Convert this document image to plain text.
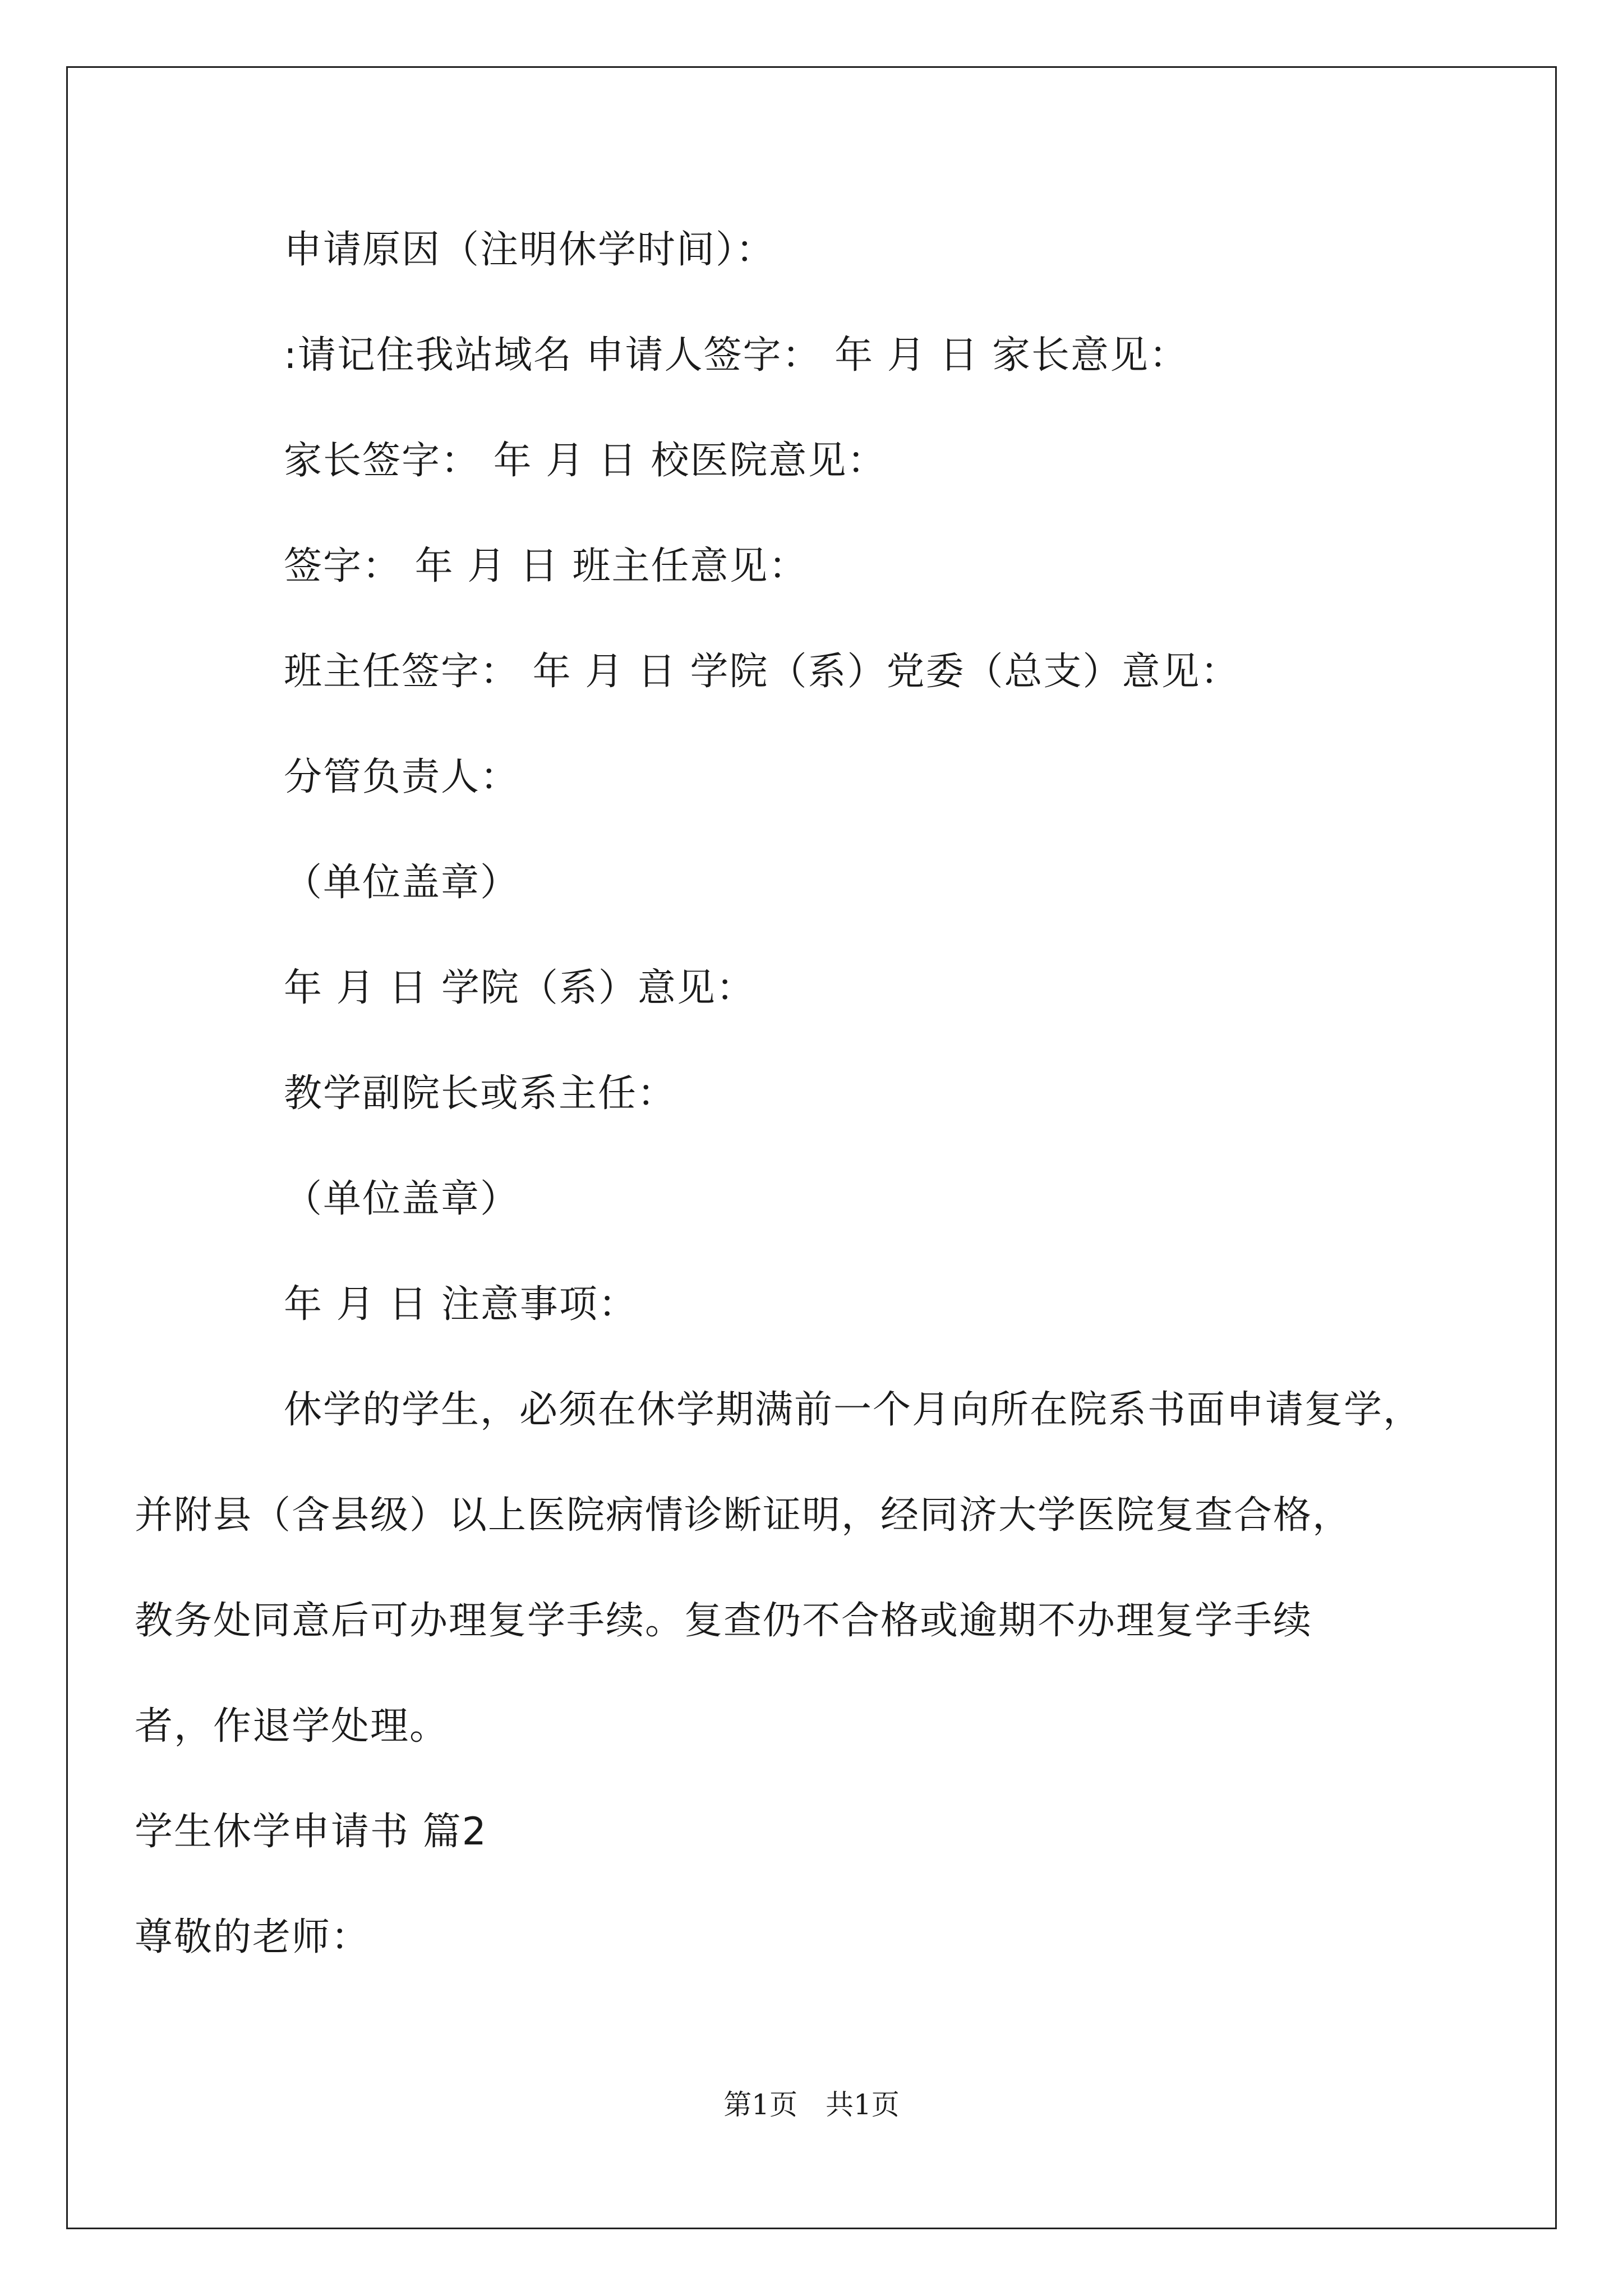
申请原因（注明休学时间）：
:请记住我站域名 申请人签字： 年 月 日 家长意见：
家长签字： 年 月 日 校医院意见：
签字： 年 月 日 班主任意见：
班主任签字： 年 月 日 学院（系）党委（总支）意见：
分管负责人：
（单位盖章）
年 月 日 学院（系）意见：
教学副院长或系主任：
（单位盖章）
年 月 日 注意事项：
休学的学生，必须在休学期满前一个月向所在院系书面申请复学，
并附县（含县级）以上医院病情诊断证明，经同济大学医院复查合格，
教务处同意后可办理复学手续。复查仍不合格或逾期不办理复学手续
者，作退学处理。
学生休学申请书 篇2
尊敬的老师：
第1页 共1页
